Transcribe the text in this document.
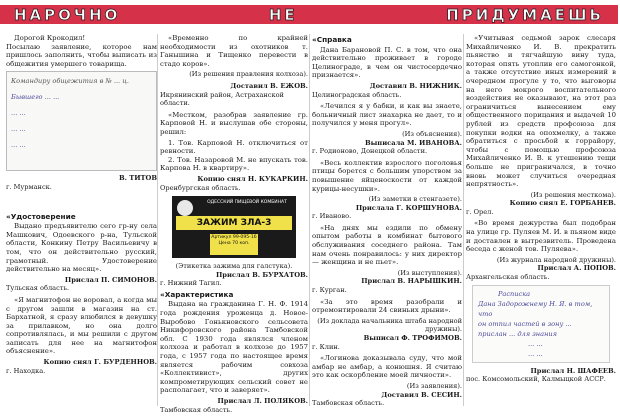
НАРОЧНО	НЕ	ПРИДУМАЕШЬ

Дорогой Крокодил!
Посылаю заявление, которое нам пришлось заполнить, чтобы выписать из общежития умершего товарища.

Командиру общежития в № ... ц.
Бывшего ... ...
... ...
... ...
... ...
В. ТИТОВ
г. Мурманск.
«Удостоверение

Выдано предъявителю сего гр-ну села Машкович, Одоевского р-на, Тульской области, Конкину Петру Васильевичу в том, что он действительно русский, грамотный. Удостоверение действительно на месяц».

Прислал П. СИМОНОВ.
Тульская область.

«Я магнитофон не воровал, а когда мы с другом зашли в магазин на ст. Бархатной, я сразу влюбился в девушку за прилавком, но она долго сопротивлялась, и мы решили с другом записать для нее на магнитофон объяснение».

Копию снял Г. БУРДЕННОВ.
г. Находка.

«Временно по крайней необходимости из охотников т. Ганышина и Тищенко перевести в стадо коров».

(Из решения правления колхоза).
Доставил В. ЕЖОВ.
Икрянинский район, Астраханской области.

«Местком, разобрав заявление гр. Карповой Н. и выслушав обе стороны, решил:

1. Тов. Карповой Н. отключиться от ревности.

2. Тов. Назаровой М. не впускать тов. Карпова Н. в квартиру».

Копию снял Н. КУКАРКИН.
Оренбургская область.
ОДЕССКИЙ ПИЩЕВОЙ КОМБИНАТ
ЗАЖИМ ЗЛА-3
Артикул 99-095-16 Цена 70 коп.
(Этикетка зажима для галстука).
Прислал В. БУРХАТОВ.
г. Нижний Тагил.
«Характеристика

Выдана на гражданина Г. Н. Ф. 1914 года рождения уроженца д. Новое-Выробово Гонькновского сельсовета Никифоровского района Тамбовской обл. С 1930 года являлся членом колхоза и работал в колхозе до 1957 года, с 1957 года по настоящее время является рабочим совхоза «Коллективист», других компрометирующих сельский совет не располагает, что и заверяет».

Прислал Л. ПОЛЯКОВ.
Тамбовская область.
«Справка

Дана Барановой П. С. в том, что она действительно проживает в городе Целиноградe, в чем он чистосердечно признается».

Доставил В. НИЖНИК.
Целиноградская область.

«Лечился я у бабки, и как вы знаете, больничный лист знахарка не дает, то и получился у меня прогул».

(Из объяснения).
Выписала М. ИВАНОВА.
г. Родионово, Донецкой области.

«Весь коллектив взрослого поголовья птицы борется с большим упорством за повышение яйценоскости от каждой курицы-несушки».

(Из заметки в стенгазете).
Прислала Г. КОРШУНОВА.
г. Иваново.

«На днях мы ездили по обмену опытом работы в комбинат бытового обслуживания соседнего района. Там нам очень понравилось: у них директор — женщина и не пьет».

(Из выступления).
Прислал В. НАРЫШКИН.
г. Курган.

«За это время разобрали и отремонтировали 24 свиньих дрыни».

(Из доклада начальника штаба народной дружины).
Выписал Ф. ТРОФИМОВ.
г. Клин.

«Логинова доказывала суду, что мой амбар не амбар, а конюшня. Я считаю это как оскорбление моей личности».

(Из заявления).
Доставил В. СЕСИН.
Тамбовская область.

«Учитывая седьмой зарок слесаря Михайличенко И. В. прекратить пьянство и тягчайшую вину туда, которая опять утоплив его самогонкой, а также отсутствие иных измерений в очередном прогуле у то, что выговоры на него мокрого воспитательного воздействия не оказывают, на этот раз ограничиться вынесением ему общественного порицания и выдачей 10 рублей из средств профсоюза для покупки водки на опохмелку, а также обратиться с просьбой к горрайору, чтобы с помощью профсоюза Михайличенко И. В. к утешению тещи больше не приграничался, в точно вновь может случиться очередная непрятность».

(Из решения месткома).
Копию снял Е. ГОРБАНЕВ.
г. Орел.

«Во время дежурства был подобран на улице гр. Пуляев М. И. в пьяном виде и доставлен в вытрезвитель. Проведена беседа с женой тов. Пуляева».

(Из журнала народной дружины).
Прислал А. ПОПОВ.
Архангельская область.
Расписка
Дана Задорожнему Н. Я. в том, что
он отпил частей в зону ...
прислан ... для знания
... ...
... ...
Прислал Н. ШАФЕЕВ.
пос. Комсомольский, Калмыцкой АССР.
